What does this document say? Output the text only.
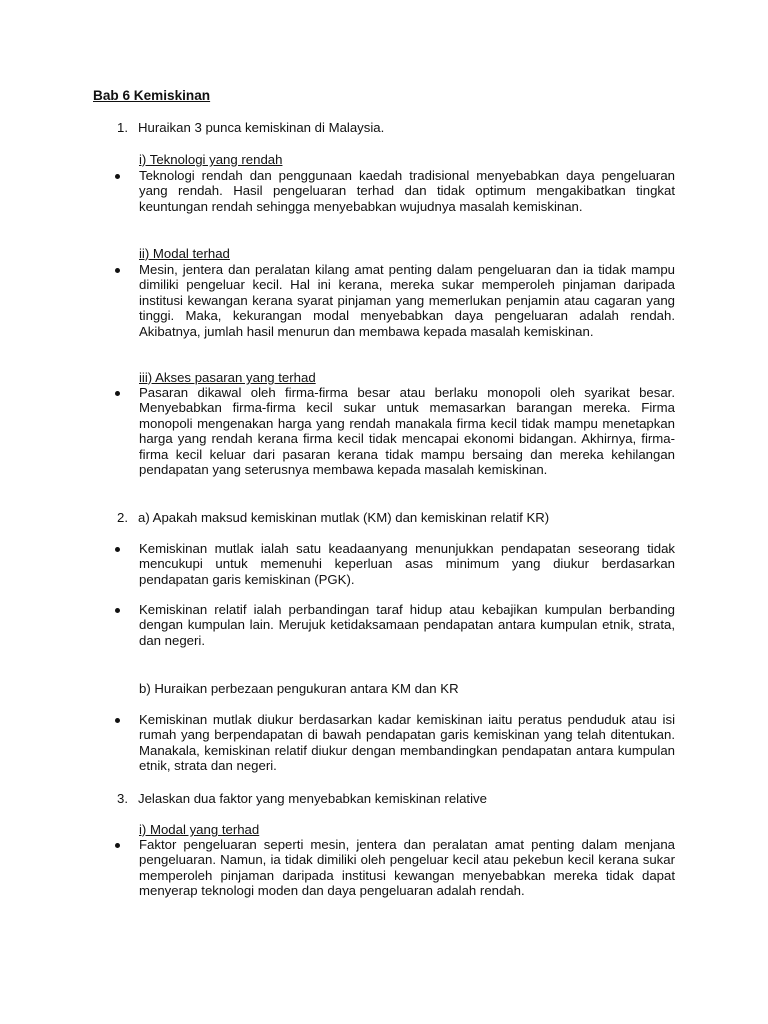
Bab 6 Kemiskinan
1. Huraikan 3 punca kemiskinan di Malaysia.
i) Teknologi yang rendah
Teknologi rendah dan penggunaan kaedah tradisional menyebabkan daya pengeluaran yang rendah. Hasil pengeluaran terhad dan tidak optimum mengakibatkan tingkat keuntungan rendah sehingga menyebabkan wujudnya masalah kemiskinan.
ii) Modal terhad
Mesin, jentera dan peralatan kilang amat penting dalam pengeluaran dan ia tidak mampu dimiliki pengeluar kecil. Hal ini kerana, mereka sukar memperoleh pinjaman daripada institusi kewangan kerana syarat pinjaman yang memerlukan penjamin atau cagaran yang tinggi. Maka, kekurangan modal menyebabkan daya pengeluaran adalah rendah. Akibatnya, jumlah hasil menurun dan membawa kepada masalah kemiskinan.
iii) Akses pasaran yang terhad
Pasaran dikawal oleh firma-firma besar atau berlaku monopoli oleh syarikat besar. Menyebabkan firma-firma kecil sukar untuk memasarkan barangan mereka. Firma monopoli mengenakan harga yang rendah manakala firma kecil tidak mampu menetapkan harga yang rendah kerana firma kecil tidak mencapai ekonomi bidangan. Akhirnya, firma-firma kecil keluar dari pasaran kerana tidak mampu bersaing dan mereka kehilangan pendapatan yang seterusnya membawa kepada masalah kemiskinan.
2. a) Apakah maksud kemiskinan mutlak (KM) dan kemiskinan relatif KR)
Kemiskinan mutlak ialah satu keadaanyang menunjukkan pendapatan seseorang tidak mencukupi untuk memenuhi keperluan asas minimum yang diukur berdasarkan pendapatan garis kemiskinan (PGK).
Kemiskinan relatif ialah perbandingan taraf hidup atau kebajikan kumpulan berbanding dengan kumpulan lain. Merujuk ketidaksamaan pendapatan antara kumpulan etnik, strata, dan negeri.
b) Huraikan perbezaan pengukuran antara KM dan KR
Kemiskinan mutlak diukur berdasarkan kadar kemiskinan iaitu peratus penduduk atau isi rumah yang berpendapatan di bawah pendapatan garis kemiskinan yang telah ditentukan. Manakala, kemiskinan relatif diukur dengan membandingkan pendapatan antara kumpulan etnik, strata dan negeri.
3. Jelaskan dua faktor yang menyebabkan kemiskinan relative
i) Modal yang terhad
Faktor pengeluaran seperti mesin, jentera dan peralatan amat penting dalam menjana pengeluaran. Namun, ia tidak dimiliki oleh pengeluar kecil atau pekebun kecil kerana sukar memperoleh pinjaman daripada institusi kewangan menyebabkan mereka tidak dapat menyerap teknologi moden dan daya pengeluaran adalah rendah.
